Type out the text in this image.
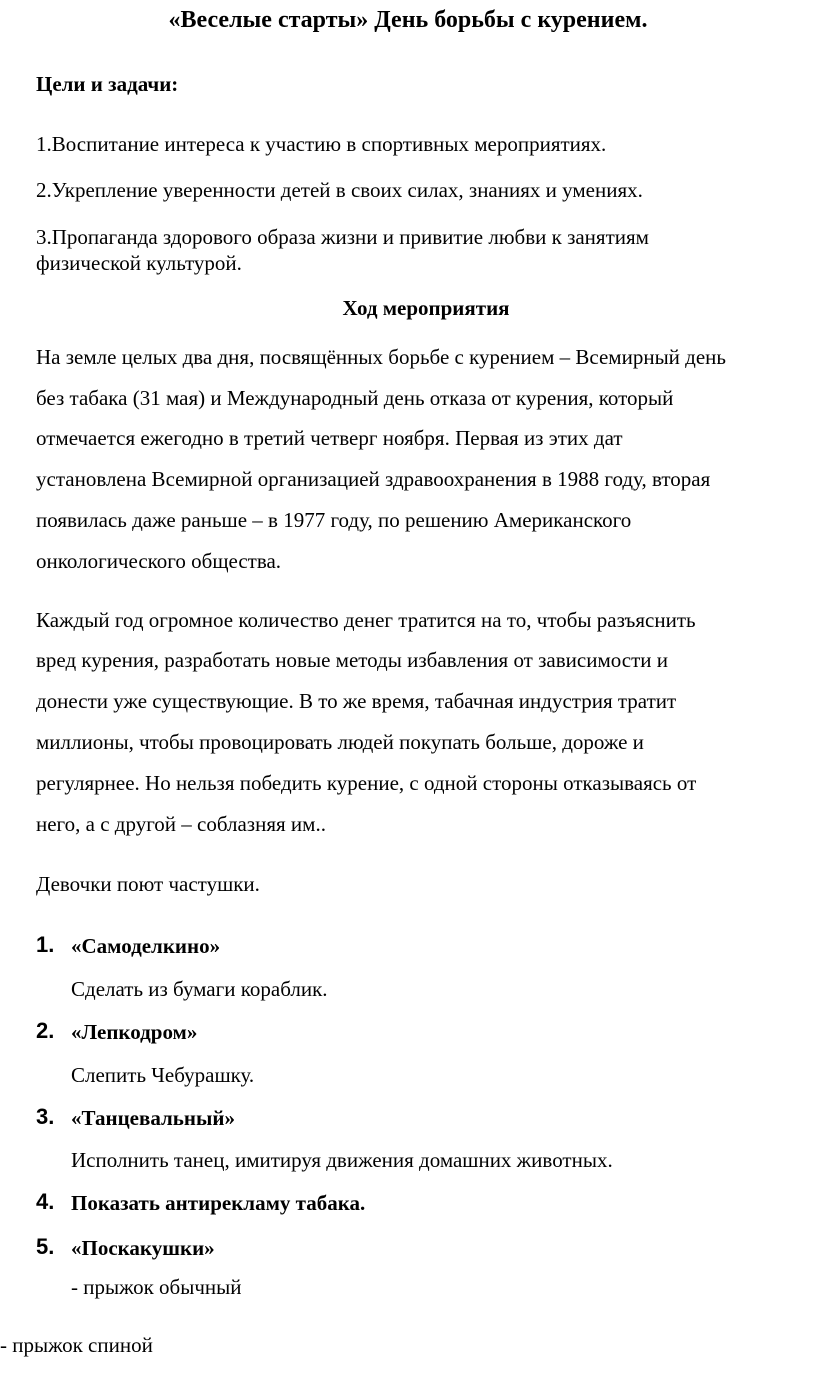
«Веселые старты» День борьбы с курением.

Цели и задачи:

1.Воспитание интереса к участию в спортивных мероприятиях.

2.Укрепление уверенности детей в своих силах, знаниях и умениях.

3.Пропаганда здорового образа жизни и привитие любви к занятиям

физической культурой.

Ход мероприятия

На земле целых два дня, посвящённых борьбе с курением – Всемирный день

без табака (31 мая) и Международный день отказа от курения, который

отмечается ежегодно в третий четверг ноября. Первая из этих дат

установлена Всемирной организацией здравоохранения в 1988 году, вторая

появилась даже раньше – в 1977 году, по решению Американского

онкологического общества.

Каждый год огромное количество денег тратится на то, чтобы разъяснить

вред курения, разработать новые методы избавления от зависимости и

донести уже существующие. В то же время, табачная индустрия тратит

миллионы, чтобы провоцировать людей покупать больше, дороже и

регулярнее. Но нельзя победить курение, с одной стороны отказываясь от

него, а с другой – соблазняя им..

Девочки поют частушки.

1. «Самоделкино»
Сделать из бумаги кораблик.
2. «Лепкодром»
Слепить Чебурашку.
3. «Танцевальный»
Исполнить танец, имитируя движения домашних животных.
4. Показать антирекламу табака.
5. «Поскакушки»
- прыжок обычный

- прыжок спиной
